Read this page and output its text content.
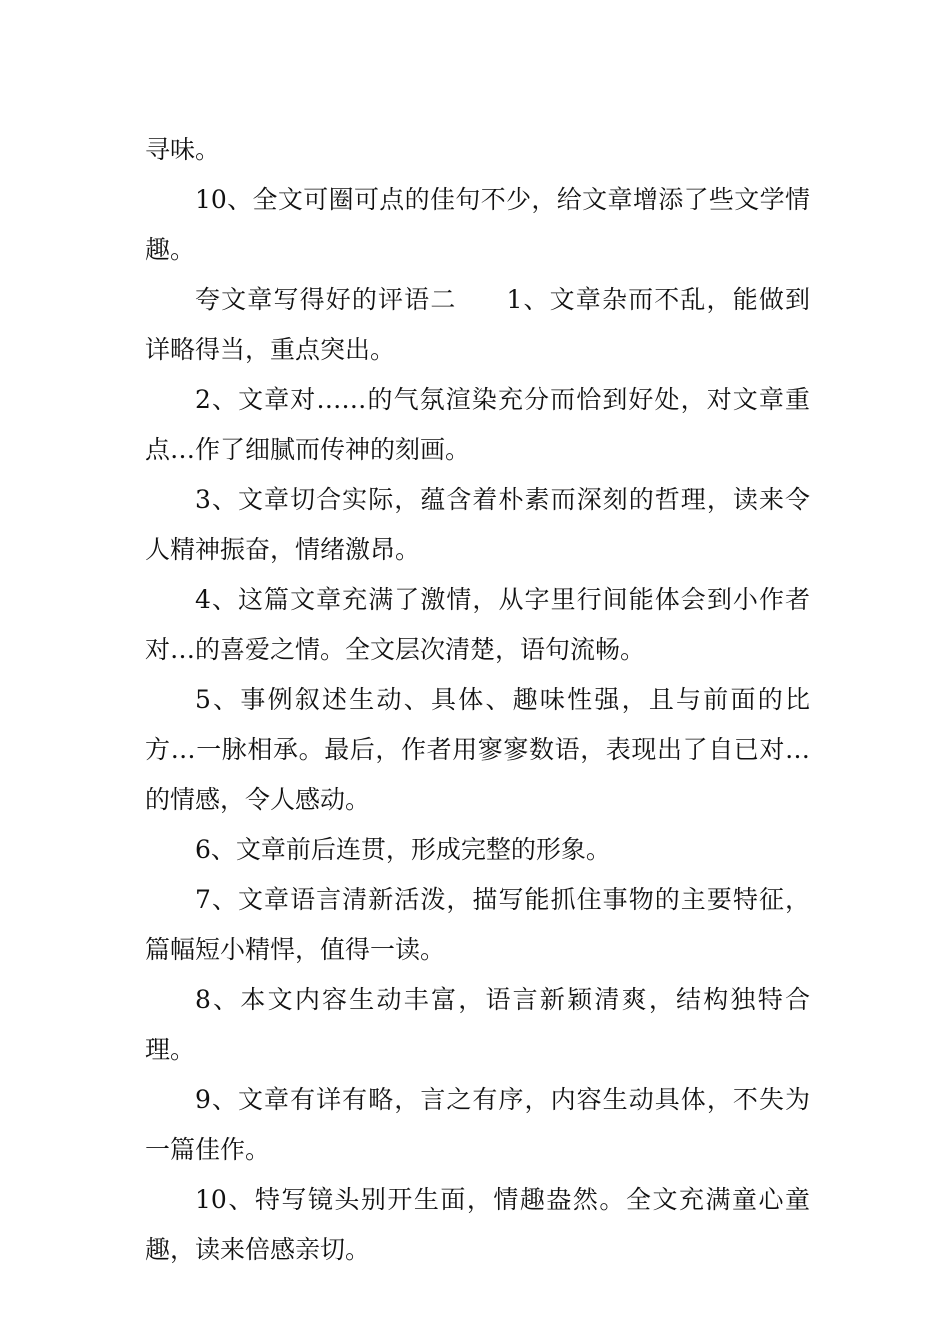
寻味。

10、全文可圈可点的佳句不少，给文章增添了些文学情趣。

夸文章写得好的评语二 1、文章杂而不乱，能做到详略得当，重点突出。

2、文章对……的气氛渲染充分而恰到好处，对文章重点…作了细腻而传神的刻画。

3、文章切合实际，蕴含着朴素而深刻的哲理，读来令人精神振奋，情绪激昂。

4、这篇文章充满了激情，从字里行间能体会到小作者对…的喜爱之情。全文层次清楚，语句流畅。

5、事例叙述生动、具体、趣味性强，且与前面的比方…一脉相承。最后，作者用寥寥数语，表现出了自已对…的情感，令人感动。

6、文章前后连贯，形成完整的形象。

7、文章语言清新活泼，描写能抓住事物的主要特征，篇幅短小精悍，值得一读。

8、本文内容生动丰富，语言新颖清爽，结构独特合理。

9、文章有详有略，言之有序，内容生动具体，不失为一篇佳作。

10、特写镜头别开生面，情趣盎然。全文充满童心童趣，读来倍感亲切。
